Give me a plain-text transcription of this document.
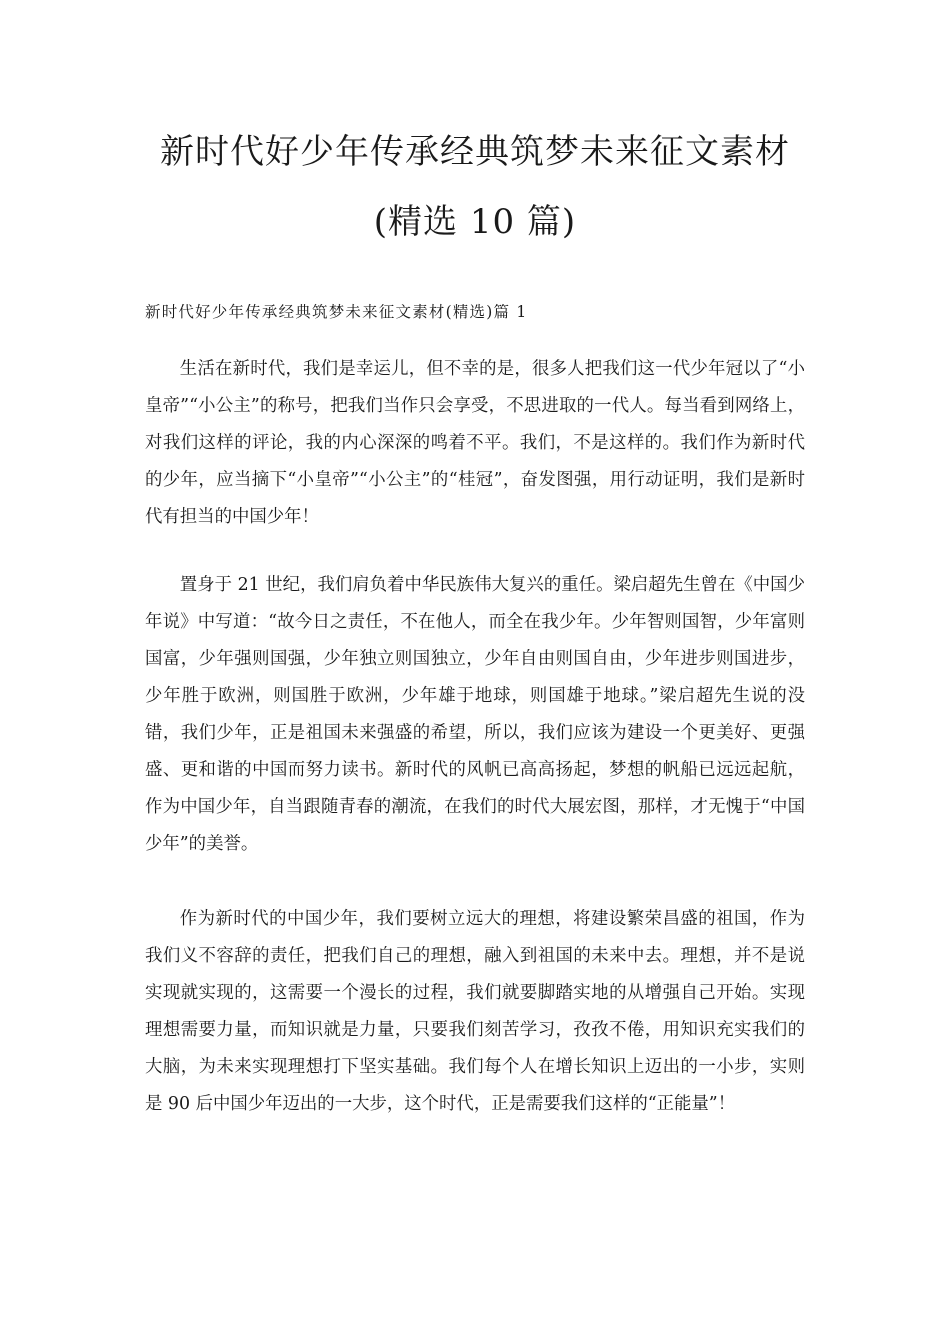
新时代好少年传承经典筑梦未来征文素材
(精选 10 篇)

新时代好少年传承经典筑梦未来征文素材(精选)篇 1

生活在新时代，我们是幸运儿，但不幸的是，很多人把我们这一代少年冠以了“小皇帝”“小公主”的称号，把我们当作只会享受，不思进取的一代人。每当看到网络上，对我们这样的评论，我的内心深深的鸣着不平。我们，不是这样的。我们作为新时代的少年，应当摘下“小皇帝”“小公主”的“桂冠”，奋发图强，用行动证明，我们是新时代有担当的中国少年！

置身于 21 世纪，我们肩负着中华民族伟大复兴的重任。梁启超先生曾在《中国少年说》中写道：“故今日之责任，不在他人，而全在我少年。少年智则国智，少年富则国富，少年强则国强，少年独立则国独立，少年自由则国自由，少年进步则国进步，少年胜于欧洲，则国胜于欧洲，少年雄于地球，则国雄于地球。”梁启超先生说的没错，我们少年，正是祖国未来强盛的希望，所以，我们应该为建设一个更美好、更强盛、更和谐的中国而努力读书。新时代的风帆已高高扬起，梦想的帆船已远远起航，作为中国少年，自当跟随青春的潮流，在我们的时代大展宏图，那样，才无愧于“中国少年”的美誉。

作为新时代的中国少年，我们要树立远大的理想，将建设繁荣昌盛的祖国，作为我们义不容辞的责任，把我们自己的理想，融入到祖国的未来中去。理想，并不是说实现就实现的，这需要一个漫长的过程，我们就要脚踏实地的从增强自己开始。实现理想需要力量，而知识就是力量，只要我们刻苦学习，孜孜不倦，用知识充实我们的大脑，为未来实现理想打下坚实基础。我们每个人在增长知识上迈出的一小步，实则是 90 后中国少年迈出的一大步，这个时代，正是需要我们这样的“正能量”！
